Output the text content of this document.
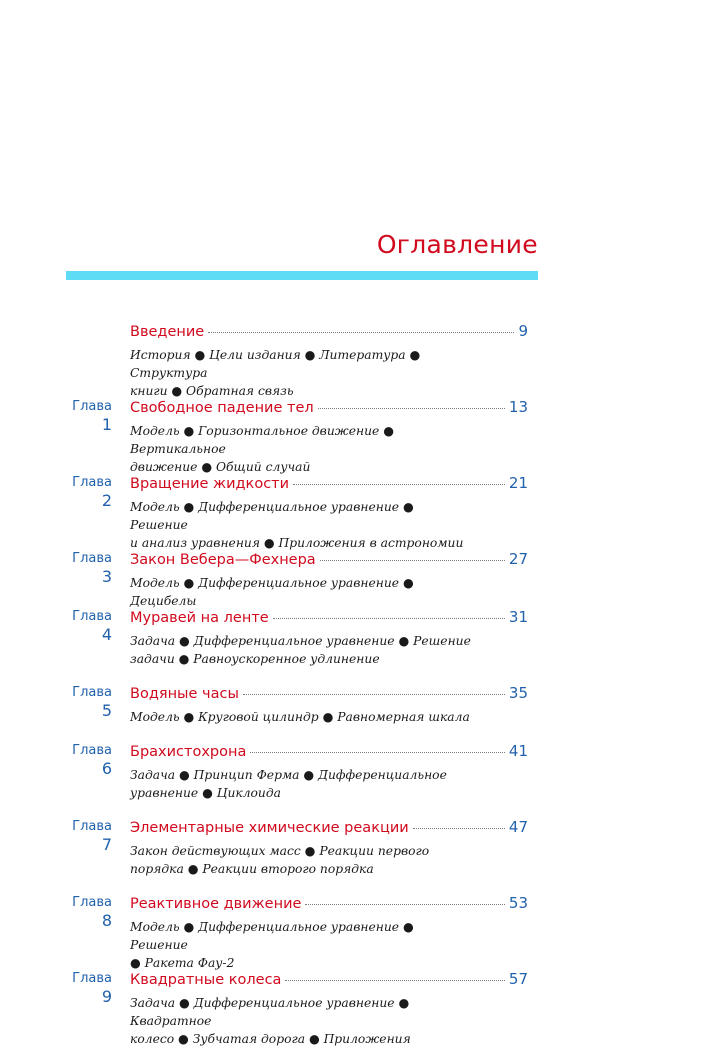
Оглавление
Введение	9
История ● Цели издания ● Литература ● Структура
книги ● Обратная связь
Глава
1
Свободное падение тел	13
Модель ● Горизонтальное движение ● Вертикальное
движение ● Общий случай
Глава
2
Вращение жидкости	21
Модель ● Дифференциальное уравнение ● Решение
и анализ уравнения ● Приложения в астрономии
Глава
3
Закон Вебера—Фехнера	27
Модель ● Дифференциальное уравнение ● Децибелы
Глава
4
Муравей на ленте	31
Задача ● Дифференциальное уравнение ● Решение
задачи ● Равноускоренное удлинение
Глава
5
Водяные часы	35
Модель ● Круговой цилиндр ● Равномерная шкала
Глава
6
Брахистохрона	41
Задача ● Принцип Ферма ● Дифференциальное
уравнение ● Циклоида
Глава
7
Элементарные химические реакции	47
Закон действующих масс ● Реакции первого
порядка ● Реакции второго порядка
Глава
8
Реактивное движение	53
Модель ● Дифференциальное уравнение ● Решение
● Ракета Фау-2
Глава
9
Квадратные колеса	57
Задача ● Дифференциальное уравнение ● Квадратное
колесо ● Зубчатая дорога ● Приложения
